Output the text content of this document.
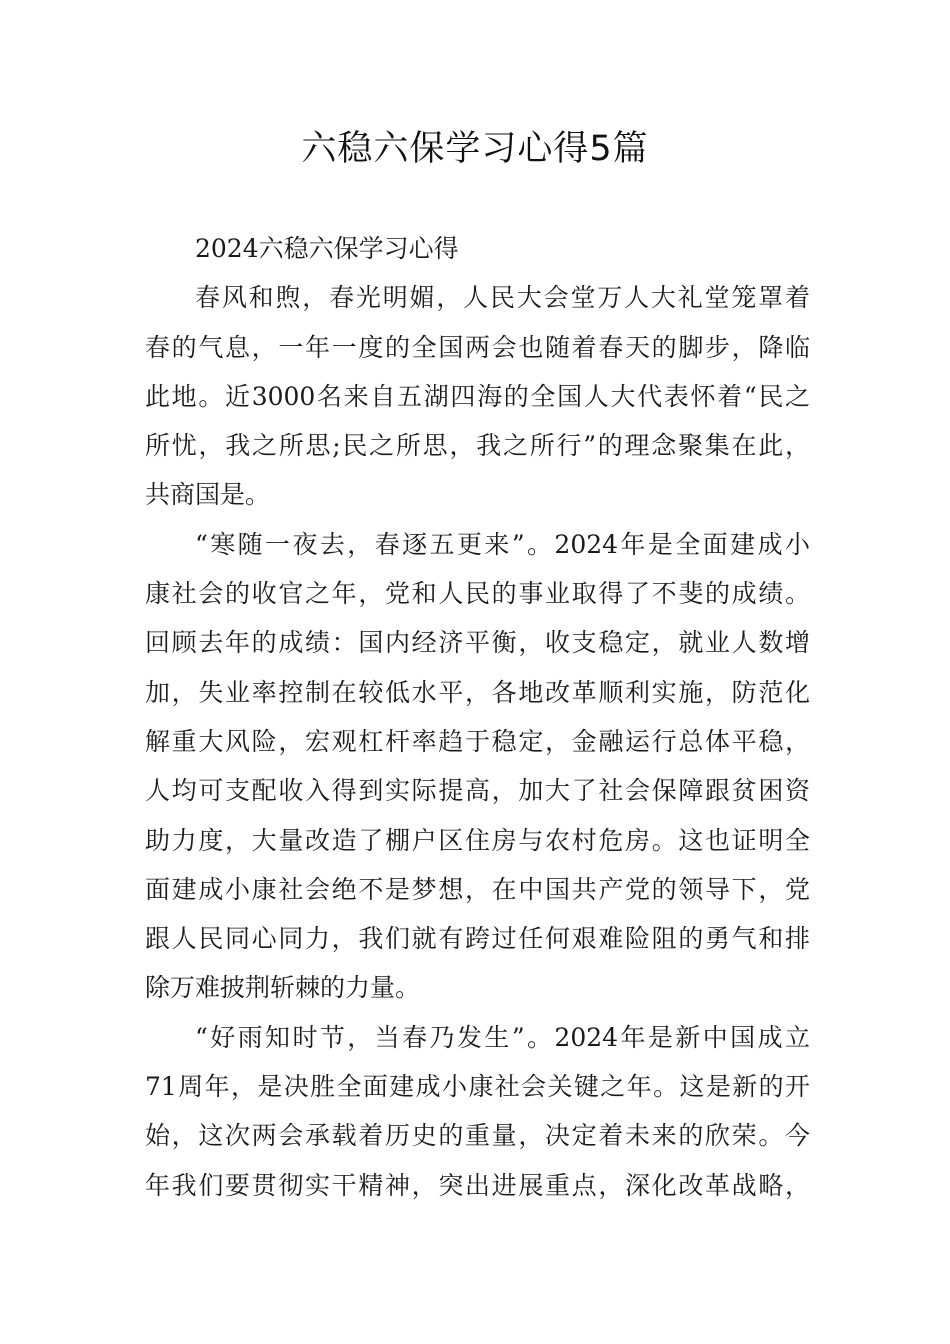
六稳六保学习心得5篇
2024六稳六保学习心得
春风和煦，春光明媚，人民大会堂万人大礼堂笼罩着
春的气息，一年一度的全国两会也随着春天的脚步，降临
此地。近3000名来自五湖四海的全国人大代表怀着“民之
所忧，我之所思;民之所思，我之所行”的理念聚集在此，
共商国是。
“寒随一夜去，春逐五更来”。2024年是全面建成小
康社会的收官之年，党和人民的事业取得了不斐的成绩。
回顾去年的成绩：国内经济平衡，收支稳定，就业人数增
加，失业率控制在较低水平，各地改革顺利实施，防范化
解重大风险，宏观杠杆率趋于稳定，金融运行总体平稳，
人均可支配收入得到实际提高，加大了社会保障跟贫困资
助力度，大量改造了棚户区住房与农村危房。这也证明全
面建成小康社会绝不是梦想，在中国共产党的领导下，党
跟人民同心同力，我们就有跨过任何艰难险阻的勇气和排
除万难披荆斩棘的力量。
“好雨知时节，当春乃发生”。2024年是新中国成立
71周年，是决胜全面建成小康社会关键之年。这是新的开
始，这次两会承载着历史的重量，决定着未来的欣荣。今
年我们要贯彻实干精神，突出进展重点，深化改革战略，
